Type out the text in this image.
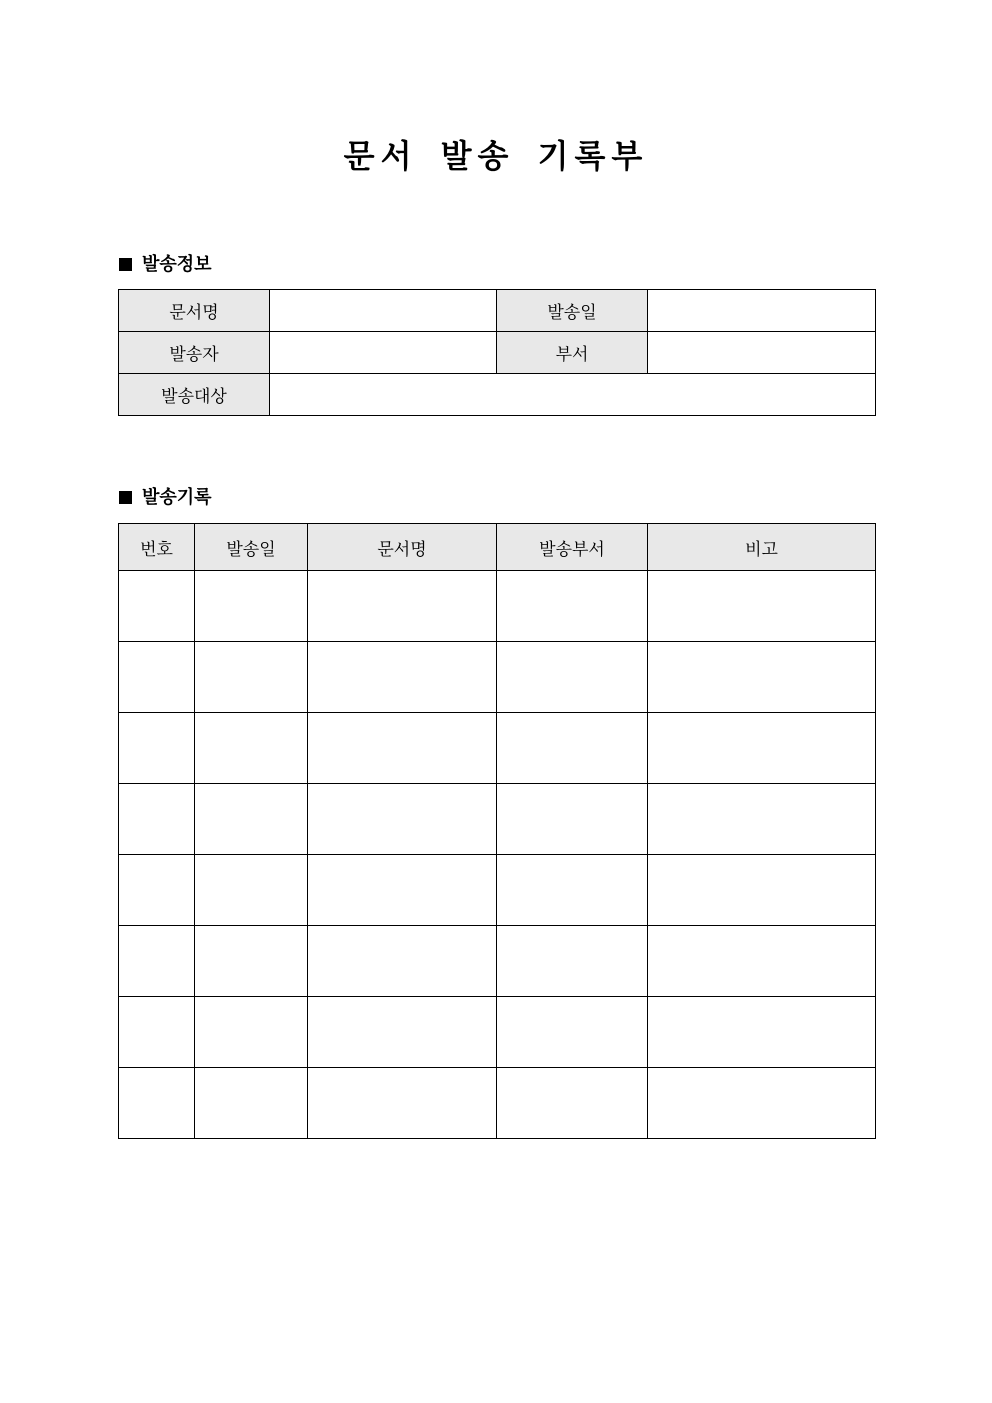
문서 발송 기록부
발송정보
문서명		발송일	
발송자		부서	
발송대상			
발송기록
번호	발송일	문서명	발송부서	비고
